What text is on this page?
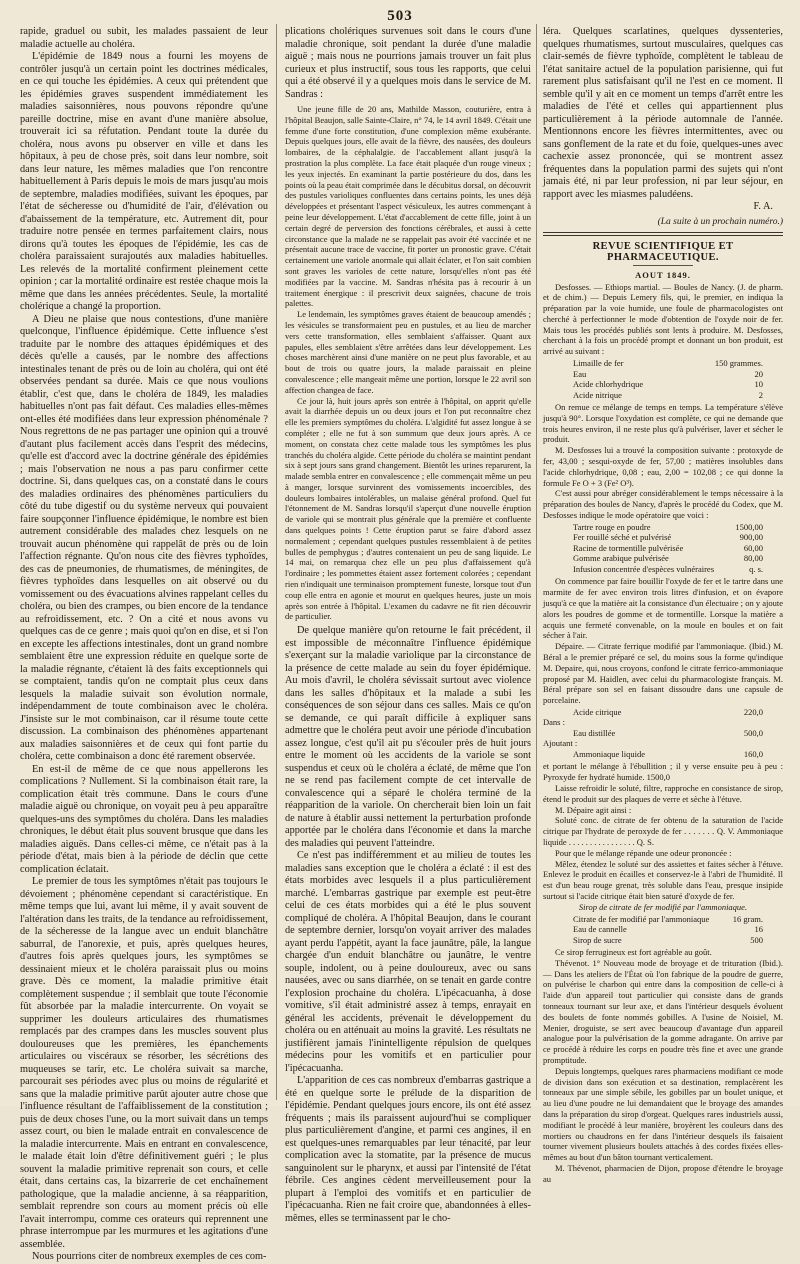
503

rapide, graduel ou subit, les malades passaient de leur maladie actuelle au choléra.

L'épidémie de 1849 nous a fourni les moyens de contrôler jusqu'à un certain point les doctrines médicales, en ce qui touche les épidémies. A ceux qui prétendent que les épidémies graves suspendent immédiatement les maladies saisonnières, nous pouvons répondre qu'une pareille doctrine, mise en avant d'une manière absolue, trouverait ici sa réfutation. Pendant toute la durée du choléra, nous avons pu observer en ville et dans les hôpitaux, à peu de chose près, soit dans leur nombre, soit dans leur nature, les mêmes maladies que l'on rencontre habituellement à Paris depuis le mois de mars jusqu'au mois de septembre, maladies modifiées, suivant les époques, par l'état de sécheresse ou d'humidité de l'air, d'élévation ou d'abaissement de la température, etc. Autrement dit, pour traduire notre pensée en termes parfaitement clairs, nous dirons qu'à toutes les époques de l'épidémie, les cas de choléra paraissaient surajoutés aux maladies habituelles. Les relevés de la mortalité confirment pleinement cette opinion ; car la mortalité ordinaire est restée chaque mois la même que dans les années précédentes. Seule, la mortalité cholérique a changé la proportion.

A Dieu ne plaise que nous contestions, d'une manière quelconque, l'influence épidémique. Cette influence s'est traduite par le nombre des attaques épidémiques et des décès qu'elle a causés, par le nombre des affections intestinales tenant de près ou de loin au choléra, qui ont été observées pendant sa durée. Mais ce que nous voulions établir, c'est que, dans le choléra de 1849, les maladies habituelles n'ont pas fait défaut. Ces maladies elles-mêmes ont-elles été modifiées dans leur expression phénoménale ? Nous regrettons de ne pas partager une opinion qui a trouvé d'autant plus facilement accès dans l'esprit des médecins, qu'elle est d'accord avec la doctrine générale des épidémies ; mais l'observation ne nous a pas paru confirmer cette doctrine. Si, dans quelques cas, on a constaté dans le cours des maladies ordinaires des phénomènes particuliers du côté du tube digestif ou du système nerveux qui pouvaient faire soupçonner l'influence épidémique, le nombre est bien autrement considérable des malades chez lesquels on ne trouvait aucun phénomène qui rappelât de près ou de loin l'affection régnante. Qu'on nous cite des fièvres typhoïdes, des cas de pneumonies, de rhumatismes, de méningites, de fièvres typhoïdes dans lesquelles on ait observé ou du vomissement ou des évacuations alvines rappelant celles du choléra, ou bien des crampes, ou bien encore de la tendance au refroidissement, etc. ? On a cité et nous avons vu quelques cas de ce genre ; mais quoi qu'on en dise, et si l'on en excepte les affections intestinales, dont un grand nombre semblaient être une expression réduite en quelque sorte de la maladie régnante, c'étaient là des faits exceptionnels qui se comptaient, tandis qu'on ne comptait plus ceux dans lesquels la maladie suivait son évolution normale, indépendamment de toute combinaison avec le choléra. J'insiste sur le mot combinaison, car il résume toute cette discussion. La combinaison des phénomènes appartenant aux maladies saisonnières et de ceux qui font partie du choléra, cette combinaison a donc été rarement observée.

En est-il de même de ce que nous appellerons les complications ? Nullement. Si la combinaison était rare, la complication était très commune. Dans le cours d'une maladie aiguë ou chronique, on voyait peu à peu apparaître quelques-uns des symptômes du choléra. Dans les maladies chroniques, le début était plus souvent brusque que dans les maladies aiguës. Dans celles-ci même, ce n'était pas à la période d'état, mais bien à la période de déclin que cette complication éclatait.

Le premier de tous les symptômes n'était pas toujours le dévoiement ; phénomène cependant si caractéristique. En même temps que lui, avant lui même, il y avait souvent de l'altération dans les traits, de la tendance au refroidissement, de la sécheresse de la langue avec un enduit blanchâtre saburral, de l'anorexie, et puis, après quelques heures, d'autres fois après quelques jours, les symptômes se dessinaient mieux et le choléra paraissait plus ou moins grave. Dès ce moment, la maladie primitive était complètement suspendue ; il semblait que toute l'économie fût absorbée par la maladie intercurrente. On voyait se supprimer les douleurs articulaires des rhumatismes remplacés par des crampes dans les muscles souvent plus douloureuses que les premières, les épanchements articulaires ou viscéraux se résorber, les sécrétions des muqueuses se tarir, etc. Le choléra suivait sa marche, parcourait ses périodes avec plus ou moins de régularité et sans que la maladie primitive parût ajouter autre chose que l'influence résultant de l'affaiblissement de la constitution ; puis de deux choses l'une, ou la mort suivait dans un temps assez court, ou bien le malade entrait en convalescence de la maladie intercurrente. Mais en entrant en convalescence, le malade était loin d'être définitivement guéri ; le plus souvent la maladie primitive reprenait son cours, et celle était, dans certains cas, la bizarrerie de cet enchaînement pathologique, que la maladie ancienne, à sa réapparition, semblait reprendre son cours au moment précis où elle l'avait interrompu, comme ces orateurs qui reprennent une phrase interrompue par les murmures et les agitations d'une assemblée.

Nous pourrions citer de nombreux exemples de ces com-

plications cholériques survenues soit dans le cours d'une maladie chronique, soit pendant la durée d'une maladie aiguë ; mais nous ne pourrions jamais trouver un fait plus curieux et plus instructif, sous tous les rapports, que celui qui a été observé il y a quelques mois dans le service de M. Sandras :

Une jeune fille de 20 ans, Mathilde Masson, couturière, entra à l'hôpital Beaujon, salle Sainte-Claire, n° 74, le 14 avril 1849. C'était une femme d'une forte constitution, d'une complexion même exubérante. Depuis quelques jours, elle avait de la fièvre, des nausées, des douleurs lombaires, de la céphalalgie. de l'accablement allant jusqu'à la prostration la plus complète. La face était plaquée d'un rouge vineux ; les yeux injectés. En examinant la partie postérieure du dos, dans les points où la peau était comprimée dans le décubitus dorsal, on découvrit des pustules varioliques confluentes dans certains points, les unes déjà développées et présentant l'aspect vésiculeux, les autres commençant à peine leur développement. L'état d'accablement de cette fille, joint à un certain degré de perversion des fonctions cérébrales, et aussi à cette circonstance que la malade ne se rappelait pas avoir été vaccinée et ne présentait aucune trace de vaccine, fit porter un pronostic grave. C'était certainement une variole anormale qui allait éclater, et l'on sait combien sont graves les varioles de cette nature, lorsqu'elles n'ont pas été modifiées par la vaccine. M. Sandras n'hésita pas à recourir à un traitement énergique : il prescrivit deux saignées, chacune de trois palettes.

Le lendemain, les symptômes graves étaient de beaucoup amendés ; les vésicules se transformaient peu en pustules, et au lieu de marcher vers cette transformation, elles semblaient s'affaisser. Quant aux papules, elles semblaient s'être arrêtées dans leur développement. Les choses marchèrent ainsi d'une manière on ne peut plus favorable, et au bout de trois ou quatre jours, la malade paraissait en pleine convalescence ; elle mangeait même une portion, lorsque le 22 avril son affection changea de face.

Ce jour là, huit jours après son entrée à l'hôpital, on apprit qu'elle avait la diarrhée depuis un ou deux jours et l'on put reconnaître chez elle les premiers symptômes du choléra. L'algidité fut assez longue à se compléter ; elle ne fut à son summum que deux jours après. A ce moment, on constata chez cette malade tous les symptômes les plus tranchés du choléra algide. Cette période du choléra se maintint pendant six à sept jours sans grand changement. Bientôt les urines reparurent, la malade sembla entrer en convalescence ; elle commençait même un peu à manger, lorsque survinrent des vomissements incoercibles, des douleurs lombaires intolérables, un malaise général profond. Quel fut l'étonnement de M. Sandras lorsqu'il s'aperçut d'une nouvelle éruption de variole qui se montrait plus générale que la première et confluente dans quelques points ! Cette éruption parut se faire d'abord assez normalement ; cependant quelques pustules ressemblaient à de petites bulles de pemphygus ; d'autres contenaient un peu de sang liquide. Le 14 mai, on remarqua chez elle un peu plus d'affaissement qu'à l'ordinaire ; les pommettes étaient assez fortement colorées ; cependant rien n'indiquait une terminaison promptement funeste, lorsque tout d'un coup elle entra en agonie et mourut en quelques heures, juste un mois après son entrée à l'hôpital. L'examen du cadavre ne fit rien découvrir de particulier.

De quelque manière qu'on retourne le fait précédent, il est impossible de méconnaître l'influence épidémique s'exerçant sur la maladie variolique par la circonstance de la présence de cette malade au sein du foyer épidémique. Au mois d'avril, le choléra sévissait surtout avec violence dans les salles d'hôpitaux et la malade a subi les conséquences de son séjour dans ces salles. Mais ce qu'on se demande, ce qui paraît difficile à expliquer sans admettre que le choléra peut avoir une période d'incubation assez longue, c'est qu'il ait pu s'écouler près de huit jours entre le moment où les accidents de la variole se sont suspendus et ceux où le choléra a éclaté, de même que l'on ne se rend pas facilement compte de cet intervalle de convalescence qui a séparé le choléra terminé de la réapparition de la variole. On chercherait bien loin un fait de nature à établir aussi nettement la perturbation profonde apportée par le choléra dans l'économie et dans la marche des maladies qui peuvent l'atteindre.

Ce n'est pas indifféremment et au milieu de toutes les maladies sans exception que le choléra a éclaté : il est des états morbides avec lesquels il a plus particulièrement marché. L'embarras gastrique par exemple est peut-être celui de ces états morbides qui a été le plus souvent compliqué de choléra. A l'hôpital Beaujon, dans le courant de septembre dernier, lorsqu'on voyait arriver des malades ayant perdu l'appétit, ayant la face jaunâtre, pâle, la langue chargée d'un enduit blanchâtre ou jaunâtre, le ventre souple, indolent, ou à peine douloureux, avec ou sans nausées, avec ou sans diarrhée, on se tenait en garde contre l'explosion prochaine du choléra. L'ipécacuanha, à dose vomitive, s'il était administré assez à temps, enrayait en général les accidents, prévenait le développement du choléra ou en atténuait au moins la gravité. Les résultats ne justifièrent jamais l'inintelligente répulsion de quelques médecins pour les vomitifs et en particulier pour l'ipécacuanha.

L'apparition de ces cas nombreux d'embarras gastrique a été en quelque sorte le prélude de la disparition de l'épidémie. Pendant quelques jours encore, ils ont été assez fréquents ; mais ils paraissent aujourd'hui se compliquer plus particulièrement d'angine, et parmi ces angines, il en est quelques-unes remarquables par leur ténacité, par leur complication avec la stomatite, par la présence de mucus sanguinolent sur le pharynx, et aussi par l'intensité de l'état fébrile. Ces angines cèdent merveilleusement pour la plupart à l'emploi des vomitifs et en particulier de l'ipécacuanha. Rien ne fait croire que, abandonnées à elles-mêmes, elles se terminassent par le cho-

léra. Quelques scarlatines, quelques dyssenteries, quelques rhumatismes, surtout musculaires, quelques cas clair-semés de fièvre typhoïde, complètent le tableau de l'état sanitaire actuel de la population parisienne, qui fut rarement plus satisfaisant qu'il ne l'est en ce moment. Il semble qu'il y ait en ce moment un temps d'arrêt entre les maladies de l'été et celles qui appartiennent plus particulièrement à la période automnale de l'année. Mentionnons encore les fièvres intermittentes, avec ou sans gonflement de la rate et du foie, quelques-unes avec cachexie assez prononcée, qui se montrent assez fréquentes dans la population parmi des sujets qui n'ont jamais été, ni par leur profession, ni par leur séjour, en rapport avec les miasmes paludéens.

F. A.

(La suite à un prochain numéro.)

REVUE SCIENTIFIQUE ET PHARMACEUTIQUE.
AOUT 1849.

Desfosses. — Ethiops martial. — Boules de Nancy. (J. de pharm. et de chim.) — Depuis Lemery fils, qui, le premier, en indiqua la préparation par la voie humide, une foule de pharmacologistes ont cherché à perfectionner le mode d'obtention de l'oxyde noir de fer. Mais tous les procédés publiés sont lents à produire. M. Desfosses, cherchant à la fois un procédé prompt et donnant un bon produit, est arrivé au suivant :

Limaille de fer	150 grammes.
Eau	20
Acide chlorhydrique	10
Acide nitrique	2

On remue ce mélange de temps en temps. La température s'élève jusqu'à 90°. Lorsque l'oxydation est complète, ce qui ne demande que trois heures environ, il ne reste plus qu'à pulvériser, laver et sécher le produit.

M. Desfosses lui a trouvé la composition suivante : protoxyde de fer, 43,00 ; sesqui-oxyde de fer, 57,00 ; matières insolubles dans l'acide chlorhydrique, 0,08 ; eau, 2,00 = 102,08 ; ce qui donne la formule Fe O + 3 (Fe² O³).

C'est aussi pour abréger considérablement le temps nécessaire à la préparation des boules de Nancy, d'après le procédé du Codex, que M. Desfosses indique le mode opératoire que voici :

Tartre rouge en poudre	1500,00
Fer rouillé séché et pulvérisé	900,00
Racine de tormentille pulvérisée	60,00
Gomme arabique pulvérisée	80,00
Infusion concentrée d'espèces vulnéraires	q. s.

On commence par faire bouillir l'oxyde de fer et le tartre dans une marmite de fer avec environ trois litres d'infusion, et on évapore jusqu'à ce que la matière ait la consistance d'un électuaire ; on y ajoute alors les poudres de gomme et de tormentille. Lorsque la matière a acquis une fermeté convenable, on la moule en boules et on fait sécher à l'air.

Dépaire. — Citrate ferrique modifié par l'ammoniaque. (Ibid.) M. Béral a le premier préparé ce sel, du moins sous la forme qu'indique M. Depaire, qui, nous croyons, confond le citrate ferrico-ammoniaque proposé par M. Haidlen, avec celui du pharmacologiste français. M. Béral prépare son sel en faisant dissoudre dans une capsule de porcelaine.

Acide citrique	220,0
Dans :	
Eau distillée	500,0
Ajoutant :	
Ammoniaque liquide	160,0

et portant le mélange à l'ébullition ; il y verse ensuite peu à peu : Pyroxyde fer hydraté humide. 1500,0

Laisse refroidir le soluté, filtre, rapproche en consistance de sirop, étend le produit sur des plaques de verre et sèche à l'étuve.

M. Dépaire agit ainsi :

Soluté conc. de citrate de fer obtenu de la saturation de l'acide citrique par l'hydrate de peroxyde de fer . . . . . . . Q. V. Ammoniaque liquide . . . . . . . . . . . . . . . . Q. S.

Pour que le mélange répande une odeur prononcée :

Mêlez, étendez le soluté sur des assiettes et faites sécher à l'étuve. Enlevez le produit en écailles et conservez-le à l'abri de l'humidité. Il est d'un beau rouge grenat, très soluble dans l'eau, presque insipide surtout si l'acide citrique était bien saturé d'oxyde de fer.

Sirop de citrate de fer modifié par l'ammoniaque.

Citrate de fer modifié par l'ammoniaque	16 gram.
Eau de cannelle	16
Sirop de sucre	500

Ce sirop ferrugineux est fort agréable au goût.

Thévenot. 1° Nouveau mode de broyage et de trituration (Ibid.). — Dans les ateliers de l'État où l'on fabrique de la poudre de guerre, on pulvérise le charbon qui entre dans la composition de celle-ci à l'aide d'un appareil tout particulier qui consiste dans de grands tonneaux tournant sur leur axe, et dans l'intérieur desquels évoluent des boulets de fonte nommés gobilles. A l'usine de Noisiel, M. Menier, droguiste, se sert avec beaucoup d'avantage d'un appareil analogue pour la pulvérisation de la gomme adragante. On arrive par ce procédé à réduire les corps en poudre très fine et avec une grande promptitude.

Depuis longtemps, quelques rares pharmaciens modifiant ce mode de division dans son exécution et sa destination, remplacèrent les tonneaux par une simple sébile, les gobilles par un boulet unique, et au lieu d'une poudre ne lui demandaient que le broyage des amandes dans la préparation du sirop d'orgeat. Quelques rares industriels aussi, modifiant le procédé à leur manière, broyèrent les couleurs dans des mortiers ou chaudrons en fer dans l'intérieur desquels ils faisaient tourner vivement plusieurs boulets attachés à des cordes fixées elles-mêmes au bout d'un bâton tournant verticalement.

M. Thévenot, pharmacien de Dijon, propose d'étendre le broyage au
